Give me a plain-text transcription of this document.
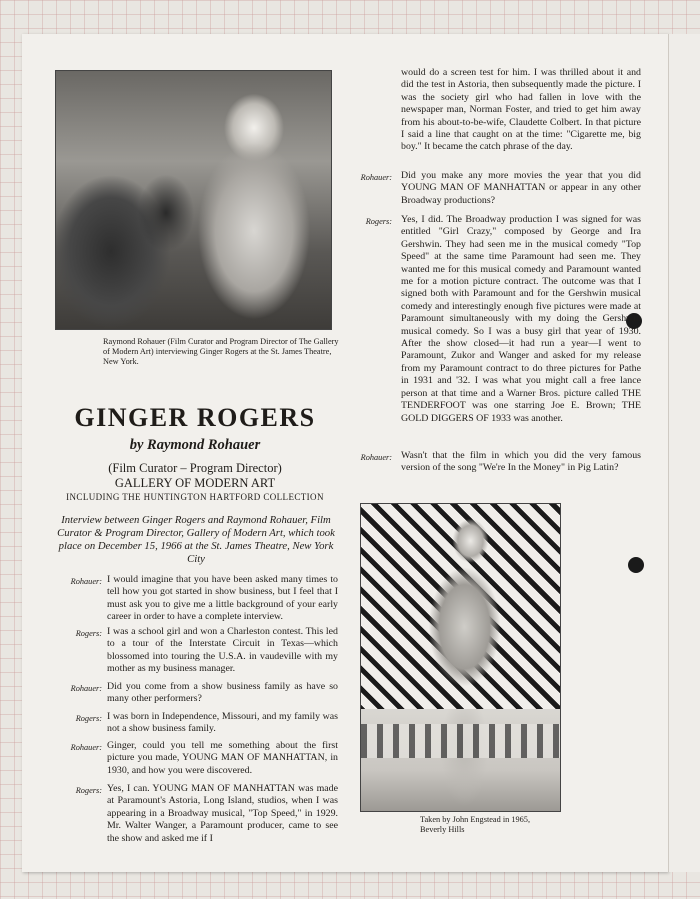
Raymond Rohauer (Film Curator and Program Director of The Gallery of Modern Art) interviewing Ginger Rogers at the St. James Theatre, New York.
GINGER ROGERS
by Raymond Rohauer
(Film Curator – Program Director)
GALLERY OF MODERN ART
INCLUDING THE HUNTINGTON HARTFORD COLLECTION
Interview between Ginger Rogers and Raymond Rohauer, Film Curator & Program Director, Gallery of Modern Art, which took place on December 15, 1966 at the St. James Theatre, New York City
Rohauer: I would imagine that you have been asked many times to tell how you got started in show business, but I feel that I must ask you to give me a little background of your early career in order to have a complete interview.
Rogers: I was a school girl and won a Charleston contest. This led to a tour of the Interstate Circuit in Texas—which blossomed into touring the U.S.A. in vaudeville with my mother as my business manager.
Rohauer: Did you come from a show business family as have so many other performers?
Rogers: I was born in Independence, Missouri, and my family was not a show business family.
Rohauer: Ginger, could you tell me something about the first picture you made, YOUNG MAN OF MANHATTAN, in 1930, and how you were discovered.
Rogers: Yes, I can. YOUNG MAN OF MANHATTAN was made at Paramount's Astoria, Long Island, studios, when I was appearing in a Broadway musical, "Top Speed," in 1929. Mr. Walter Wanger, a Paramount producer, came to see the show and asked me if I
would do a screen test for him. I was thrilled about it and did the test in Astoria, then subsequently made the picture. I was the society girl who had fallen in love with the newspaper man, Norman Foster, and tried to get him away from his about-to-be-wife, Claudette Colbert. In that picture I said a line that caught on at the time: "Cigarette me, big boy." It became the catch phrase of the day.
Rohauer: Did you make any more movies the year that you did YOUNG MAN OF MANHATTAN or appear in any other Broadway productions?
Rogers: Yes, I did. The Broadway production I was signed for was entitled "Girl Crazy," composed by George and Ira Gershwin. They had seen me in the musical comedy "Top Speed" at the same time Paramount had seen me. They wanted me for this musical comedy and Paramount wanted me for a motion picture contract. The outcome was that I signed both with Paramount and for the Gershwin musical comedy and interestingly enough five pictures were made at Paramount simultaneously with my doing the Gershwin musical comedy. So I was a busy girl that year of 1930. After the show closed—it had run a year—I went to Paramount, Zukor and Wanger and asked for my release from my Paramount contract to do three pictures for Pathe in 1931 and '32. I was what you might call a free lance person at that time and a Warner Bros. picture called THE TENDERFOOT was one starring Joe E. Brown; THE GOLD DIGGERS OF 1933 was another.
Rohauer: Wasn't that the film in which you did the very famous version of the song "We're In the Money" in Pig Latin?
Taken by John Engstead in 1965, Beverly Hills
